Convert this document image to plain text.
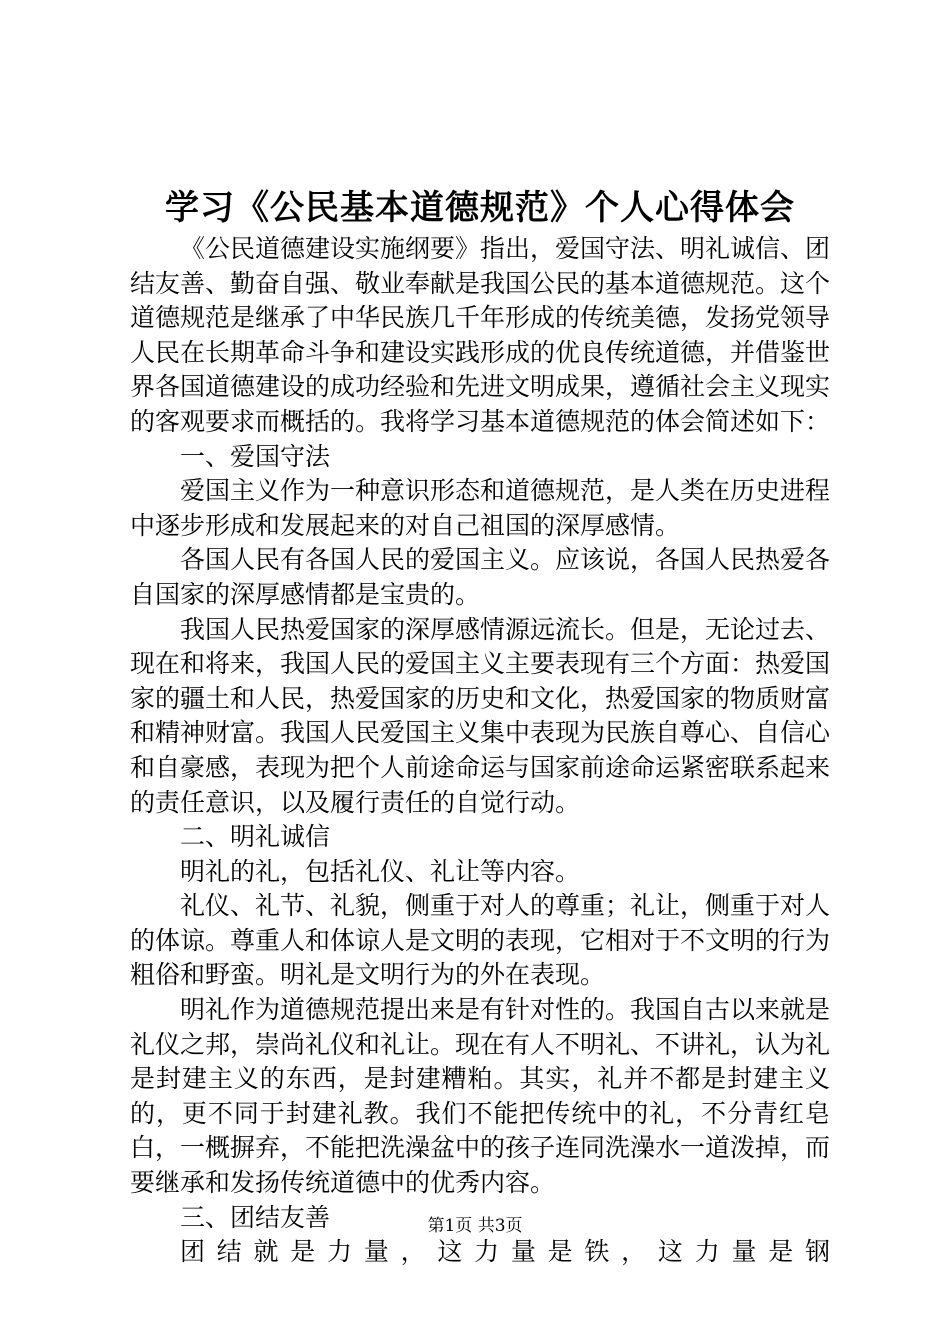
学习《公民基本道德规范》个人心得体会

《公民道德建设实施纲要》指出，爱国守法、明礼诚信、团结友善、勤奋自强、敬业奉献是我国公民的基本道德规范。这个道德规范是继承了中华民族几千年形成的传统美德，发扬党领导人民在长期革命斗争和建设实践形成的优良传统道德，并借鉴世界各国道德建设的成功经验和先进文明成果，遵循社会主义现实的客观要求而概括的。我将学习基本道德规范的体会简述如下：

一、爱国守法

爱国主义作为一种意识形态和道德规范，是人类在历史进程中逐步形成和发展起来的对自己祖国的深厚感情。

各国人民有各国人民的爱国主义。应该说，各国人民热爱各自国家的深厚感情都是宝贵的。

我国人民热爱国家的深厚感情源远流长。但是，无论过去、现在和将来，我国人民的爱国主义主要表现有三个方面：热爱国家的疆土和人民，热爱国家的历史和文化，热爱国家的物质财富和精神财富。我国人民爱国主义集中表现为民族自尊心、自信心和自豪感，表现为把个人前途命运与国家前途命运紧密联系起来的责任意识，以及履行责任的自觉行动。

二、明礼诚信

明礼的礼，包括礼仪、礼让等内容。

礼仪、礼节、礼貌，侧重于对人的尊重；礼让，侧重于对人的体谅。尊重人和体谅人是文明的表现，它相对于不文明的行为粗俗和野蛮。明礼是文明行为的外在表现。

明礼作为道德规范提出来是有针对性的。我国自古以来就是礼仪之邦，崇尚礼仪和礼让。现在有人不明礼、不讲礼，认为礼是封建主义的东西，是封建糟粕。其实，礼并不都是封建主义的，更不同于封建礼教。我们不能把传统中的礼，不分青红皂白，一概摒弃，不能把洗澡盆中的孩子连同洗澡水一道泼掉，而要继承和发扬传统道德中的优秀内容。

三、团结友善

团结就是力量，这力量是铁，这力量是钢

第1页 共3页
